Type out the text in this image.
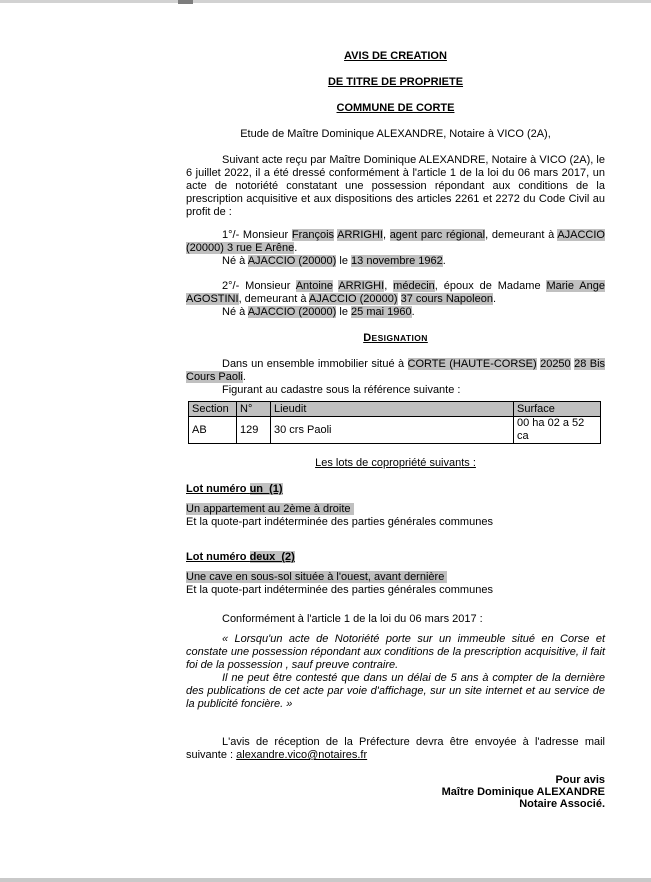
AVIS DE CREATION
DE TITRE DE PROPRIETE
COMMUNE DE CORTE
Etude de Maître Dominique ALEXANDRE, Notaire à VICO (2A),
Suivant acte reçu par Maître Dominique ALEXANDRE, Notaire à VICO (2A), le 6 juillet 2022, il a été dressé conformément à l'article 1 de la loi du 06 mars 2017, un acte de notoriété constatant une possession répondant aux conditions de la prescription acquisitive et aux dispositions des articles 2261 et 2272 du Code Civil au profit de :
1°/- Monsieur François ARRIGHI, agent parc régional, demeurant à AJACCIO (20000) 3 rue E Arêne.
Né à AJACCIO (20000) le 13 novembre 1962.
2°/- Monsieur Antoine ARRIGHI, médecin, époux de Madame Marie Ange AGOSTINI, demeurant à AJACCIO (20000) 37 cours Napoleon.
Né à AJACCIO (20000) le 25 mai 1960.
DESIGNATION
Dans un ensemble immobilier situé à CORTE (HAUTE-CORSE) 20250 28 Bis Cours Paoli.
Figurant au cadastre sous la référence suivante :
Section	N°	Lieudit	Surface
AB	129	30 crs Paoli	00 ha 02 a 52 ca
Les lots de copropriété suivants :
Lot numéro un  (1)
Un appartement au 2ème à droite
Et la quote-part indéterminée des parties générales communes
Lot numéro deux  (2)
Une cave en sous-sol située à l'ouest, avant dernière
Et la quote-part indéterminée des parties générales communes
Conformément à l'article 1 de la loi du 06 mars 2017 :
« Lorsqu'un acte de Notoriété porte sur un immeuble situé en Corse et constate une possession répondant aux conditions de la prescription acquisitive, il fait foi de la possession , sauf preuve contraire.
Il ne peut être contesté que dans un délai de 5 ans à compter de la dernière des publications de cet acte par voie d'affichage, sur un site internet et au service de la publicité foncière. »
L'avis de réception de la Préfecture devra être envoyée à l'adresse mail suivante : alexandre.vico@notaires.fr
Pour avis
Maître Dominique ALEXANDRE
Notaire Associé.
